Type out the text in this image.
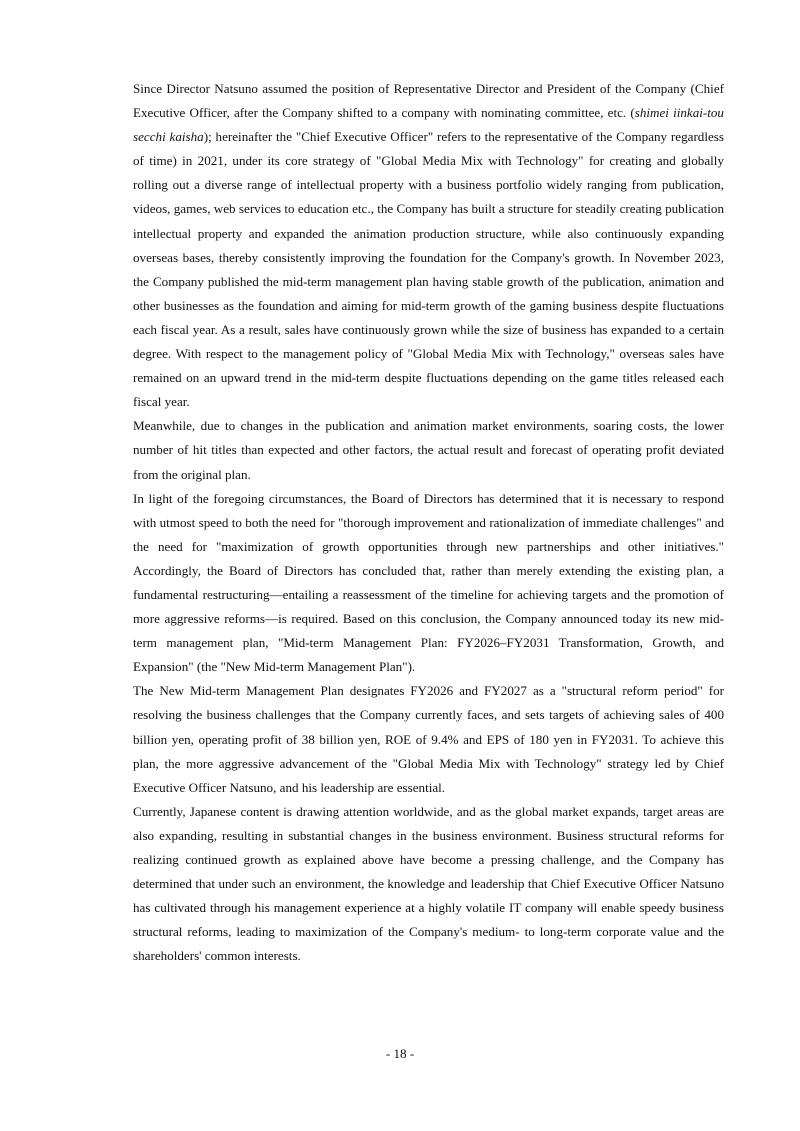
Since Director Natsuno assumed the position of Representative Director and President of the Company (Chief Executive Officer, after the Company shifted to a company with nominating committee, etc. (shimei iinkai-tou secchi kaisha); hereinafter the "Chief Executive Officer" refers to the representative of the Company regardless of time) in 2021, under its core strategy of "Global Media Mix with Technology" for creating and globally rolling out a diverse range of intellectual property with a business portfolio widely ranging from publication, videos, games, web services to education etc., the Company has built a structure for steadily creating publication intellectual property and expanded the animation production structure, while also continuously expanding overseas bases, thereby consistently improving the foundation for the Company's growth. In November 2023, the Company published the mid-term management plan having stable growth of the publication, animation and other businesses as the foundation and aiming for mid-term growth of the gaming business despite fluctuations each fiscal year. As a result, sales have continuously grown while the size of business has expanded to a certain degree. With respect to the management policy of "Global Media Mix with Technology," overseas sales have remained on an upward trend in the mid-term despite fluctuations depending on the game titles released each fiscal year.

Meanwhile, due to changes in the publication and animation market environments, soaring costs, the lower number of hit titles than expected and other factors, the actual result and forecast of operating profit deviated from the original plan.

In light of the foregoing circumstances, the Board of Directors has determined that it is necessary to respond with utmost speed to both the need for "thorough improvement and rationalization of immediate challenges" and the need for "maximization of growth opportunities through new partnerships and other initiatives." Accordingly, the Board of Directors has concluded that, rather than merely extending the existing plan, a fundamental restructuring—entailing a reassessment of the timeline for achieving targets and the promotion of more aggressive reforms—is required. Based on this conclusion, the Company announced today its new mid-term management plan, "Mid-term Management Plan: FY2026–FY2031 Transformation, Growth, and Expansion" (the "New Mid-term Management Plan").

The New Mid-term Management Plan designates FY2026 and FY2027 as a "structural reform period" for resolving the business challenges that the Company currently faces, and sets targets of achieving sales of 400 billion yen, operating profit of 38 billion yen, ROE of 9.4% and EPS of 180 yen in FY2031. To achieve this plan, the more aggressive advancement of the "Global Media Mix with Technology" strategy led by Chief Executive Officer Natsuno, and his leadership are essential.

Currently, Japanese content is drawing attention worldwide, and as the global market expands, target areas are also expanding, resulting in substantial changes in the business environment. Business structural reforms for realizing continued growth as explained above have become a pressing challenge, and the Company has determined that under such an environment, the knowledge and leadership that Chief Executive Officer Natsuno has cultivated through his management experience at a highly volatile IT company will enable speedy business structural reforms, leading to maximization of the Company's medium- to long-term corporate value and the shareholders' common interests.

- 18 -
